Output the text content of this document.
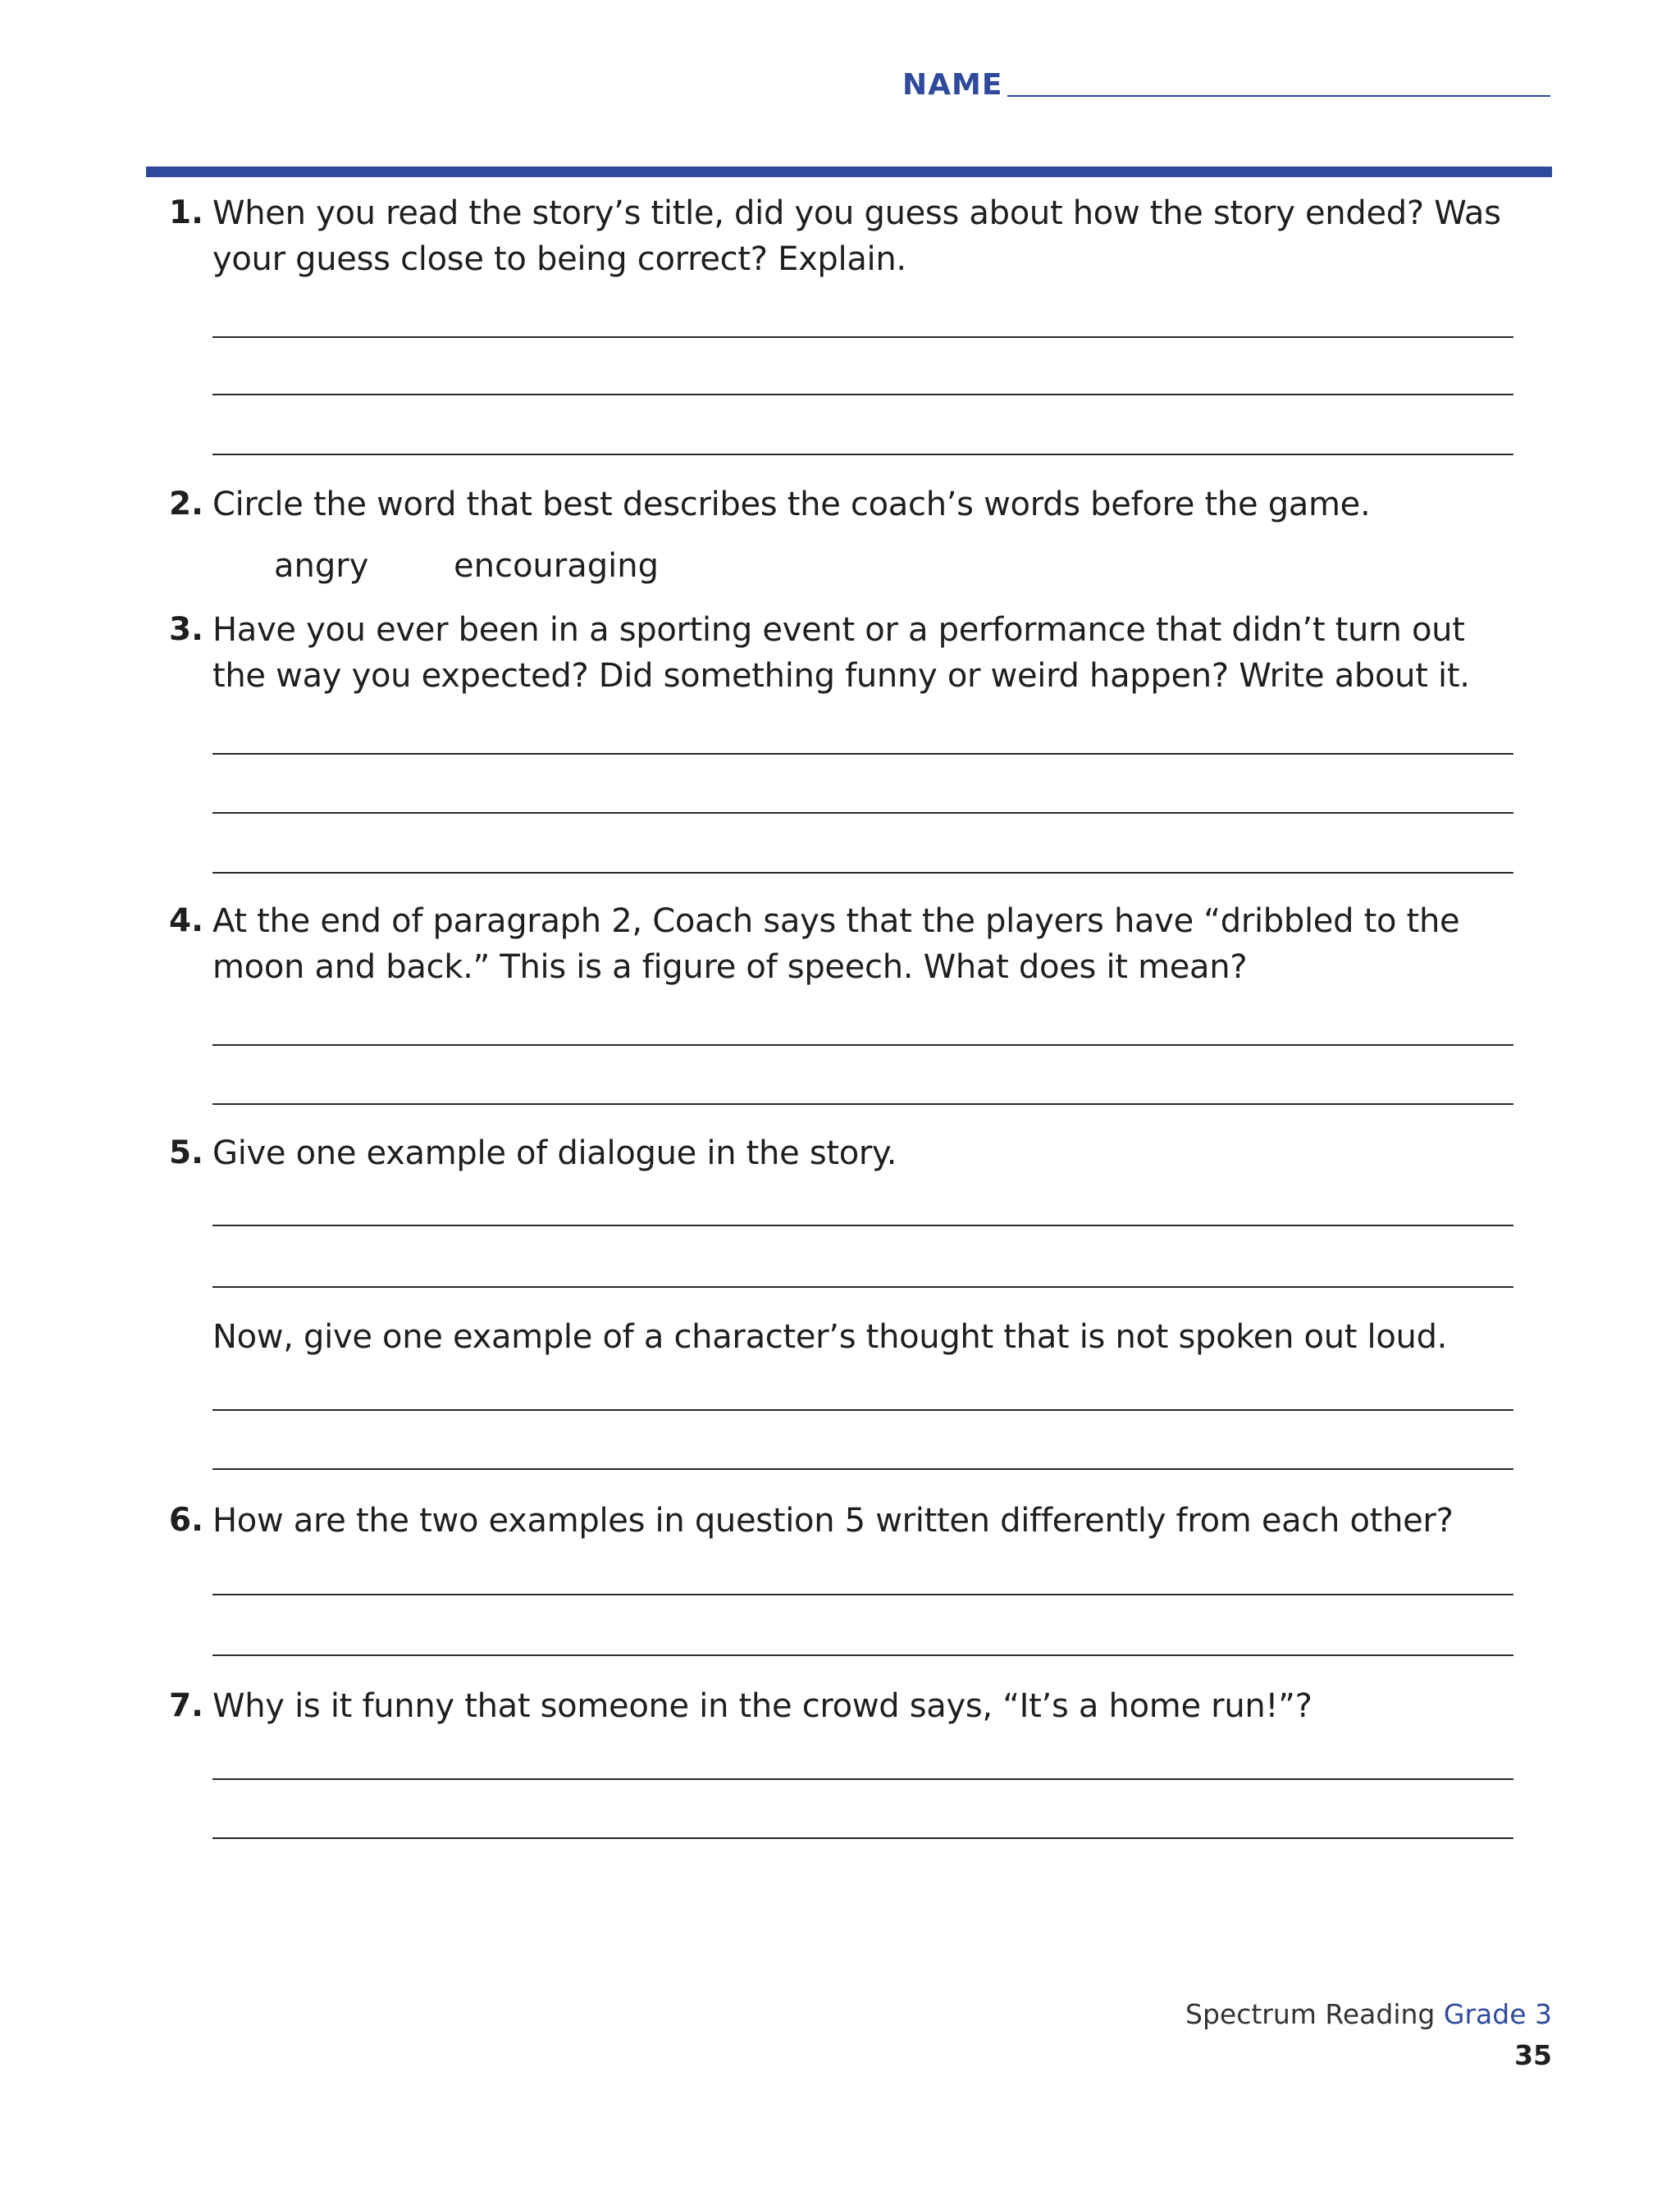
NAME
1. When you read the story’s title, did you guess about how the story ended? Was
your guess close to being correct? Explain.
2. Circle the word that best describes the coach’s words before the game.
angry	encouraging
3. Have you ever been in a sporting event or a performance that didn’t turn out
the way you expected? Did something funny or weird happen? Write about it.
4. At the end of paragraph 2, Coach says that the players have “dribbled to the
moon and back.” This is a figure of speech. What does it mean?
5. Give one example of dialogue in the story.
Now, give one example of a character’s thought that is not spoken out loud.
6. How are the two examples in question 5 written differently from each other?
7. Why is it funny that someone in the crowd says, “It’s a home run!”?
Spectrum Reading Grade 3
35
